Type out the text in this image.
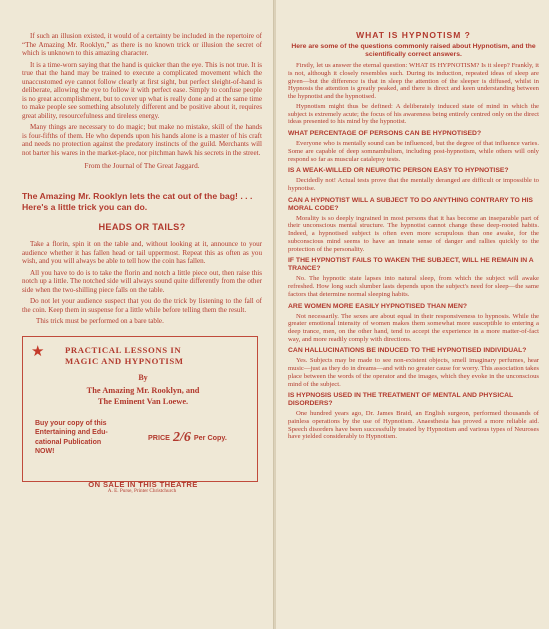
If such an illusion existed, it would of a certainty be included in the repertoire of “The Amazing Mr. Rooklyn,” as there is no known trick or illusion the secret of which is unknown to this amazing character.

It is a time-worn saying that the hand is quicker than the eye. This is not true. It is true that the hand may be trained to execute a complicated movement which the unaccustomed eye cannot follow clearly at first sight, but perfect sleight-of-hand is deliberate, allowing the eye to follow it with perfect ease. Simply to confuse people is no great accomplishment, but to cover up what is really done and at the same time to make people see something absolutely different and be positive about it, requires great ability, resourcefulness and tireless energy.

Many things are necessary to do magic; but make no mistake, skill of the hands is four-fifths of them. He who depends upon his hands alone is a master of his craft and needs no protection against the predatory instincts of the guild. Merchants will not barter his wares in the market-place, nor pitchman hawk his secrets in the street.

From the Journal of The Great Jaggard.

The Amazing Mr. Rooklyn lets the cat out of the bag! . . . Here's a little trick you can do.
HEADS OR TAILS?

Take a florin, spin it on the table and, without looking at it, announce to your audience whether it has fallen head or tail uppermost. Repeat this as often as you wish, and you will always be able to tell how the coin has fallen.

All you have to do is to take the florin and notch a little piece out, then raise this notch up a little. The notched side will always sound quite differently from the other side when the two-shilling piece falls on the table.

Do not let your audience suspect that you do the trick by listening to the fall of the coin. Keep them in suspense for a little while before telling them the result.

This trick must be performed on a bare table.

★ PRACTICAL LESSONS IN
MAGIC AND HYPNOTISM
By
The Amazing Mr. Rooklyn, and
The Eminent Van Loewe.
Buy your copy of this
Entertaining and Edu-
cational Publication
NOW!
PRICE 2/6 Per Copy.
ON SALE IN THIS THEATRE
A. E. Purse, Printer Christchurch
WHAT IS HYPNOTISM ?
Here are some of the questions commonly raised about Hypnotism, and the scientifically correct answers.

Firstly, let us answer the eternal question: WHAT IS HYPNOTISM? Is it sleep? Frankly, it is not, although it closely resembles such. During its induction, repeated ideas of sleep are given—but the difference is that in sleep the attention of the sleeper is diffused, whilst in Hypnosis the attention is greatly peaked, and there is direct and keen understanding between the hypnotist and the hypnotised.

Hypnotism might thus be defined: A deliberately induced state of mind in which the subject is extremely acute; the focus of his awareness being entirely centred only on the direct ideas presented to his mind by the hypnotist.

WHAT PERCENTAGE OF PERSONS CAN BE HYPNOTISED?

Everyone who is mentally sound can be influenced, but the degree of that influence varies. Some are capable of deep somnambulism, including post-hypnotism, while others will only respond so far as muscular catalepsy tests.

IS A WEAK-WILLED OR NEUROTIC PERSON EASY TO HYPNOTISE?

Decidedly not! Actual tests prove that the mentally deranged are difficult or impossible to hypnotise.

CAN A HYPNOTIST WILL A SUBJECT TO DO ANYTHING CONTRARY TO HIS MORAL CODE?

Morality is so deeply ingrained in most persons that it has become an inseparable part of their unconscious mental structure. The hypnotist cannot change these deep-rooted habits. Indeed, a hypnotised subject is often even more scrupulous than one awake, for the subconscious mind seems to have an innate sense of danger and rallies quickly to the protection of the personality.

IF THE HYPNOTIST FAILS TO WAKEN THE SUBJECT, WILL HE REMAIN IN A TRANCE?

No. The hypnotic state lapses into natural sleep, from which the subject will awake refreshed. How long such slumber lasts depends upon the subject's need for sleep—the same factors that determine normal sleeping habits.

ARE WOMEN MORE EASILY HYPNOTISED THAN MEN?

Not necessarily. The sexes are about equal in their responsiveness to hypnosis. While the greater emotional intensity of women makes them somewhat more susceptible to entering a deep trance, men, on the other hand, tend to accept the experience in a more matter-of-fact way, and more readily comply with directions.

CAN HALLUCINATIONS BE INDUCED TO THE HYPNOTISED INDIVIDUAL?

Yes. Subjects may be made to see non-existent objects, smell imaginary perfumes, hear music—just as they do in dreams—and with no greater cause for worry. This association takes place between the words of the operator and the images, which they evoke in the unconscious mind of the subject.

IS HYPNOSIS USED IN THE TREATMENT OF MENTAL AND PHYSICAL DISORDERS?

One hundred years ago, Dr. James Braid, an English surgeon, performed thousands of painless operations by the use of Hypnotism. Anaesthesia has proved a more reliable aid. Speech disorders have been successfully treated by Hypnotism and various types of Neuroses have yielded considerably to Hypnotism.
